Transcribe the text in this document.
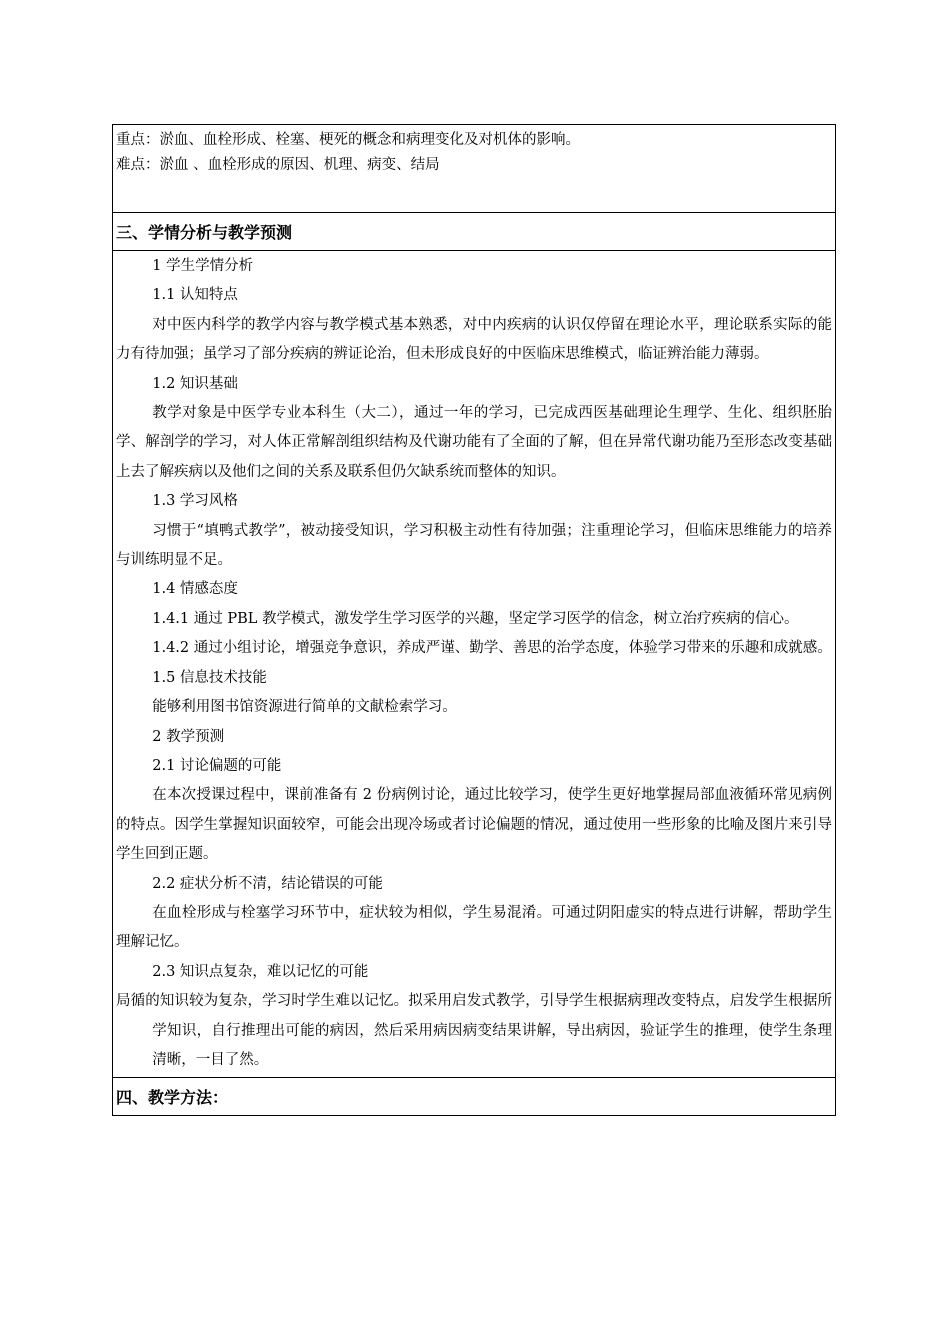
重点：淤血、血栓形成、栓塞、梗死的概念和病理变化及对机体的影响。

难点：淤血 、血栓形成的原因、机理、病变、结局

三、学情分析与教学预测

1 学生学情分析

1.1 认知特点

对中医内科学的教学内容与教学模式基本熟悉，对中内疾病的认识仅停留在理论水平，理论联系实际的能力有待加强；虽学习了部分疾病的辨证论治，但未形成良好的中医临床思维模式，临证辨治能力薄弱。

1.2 知识基础

教学对象是中医学专业本科生（大二），通过一年的学习，已完成西医基础理论生理学、生化、组织胚胎学、解剖学的学习，对人体正常解剖组织结构及代谢功能有了全面的了解，但在异常代谢功能乃至形态改变基础上去了解疾病以及他们之间的关系及联系但仍欠缺系统而整体的知识。

1.3 学习风格

习惯于“填鸭式教学”，被动接受知识，学习积极主动性有待加强；注重理论学习，但临床思维能力的培养与训练明显不足。

1.4 情感态度

1.4.1 通过 PBL 教学模式，激发学生学习医学的兴趣，坚定学习医学的信念，树立治疗疾病的信心。

1.4.2 通过小组讨论，增强竞争意识，养成严谨、勤学、善思的治学态度，体验学习带来的乐趣和成就感。

1.5 信息技术技能

能够利用图书馆资源进行简单的文献检索学习。

2 教学预测

2.1 讨论偏题的可能

在本次授课过程中，课前准备有 2 份病例讨论，通过比较学习，使学生更好地掌握局部血液循环常见病例的特点。因学生掌握知识面较窄，可能会出现冷场或者讨论偏题的情况，通过使用一些形象的比喻及图片来引导学生回到正题。

2.2 症状分析不清，结论错误的可能

在血栓形成与栓塞学习环节中，症状较为相似，学生易混淆。可通过阴阳虚实的特点进行讲解，帮助学生理解记忆。

2.3 知识点复杂，难以记忆的可能

局循的知识较为复杂，学习时学生难以记忆。拟采用启发式教学，引导学生根据病理改变特点，启发学生根据所学知识，自行推理出可能的病因，然后采用病因病变结果讲解，导出病因，验证学生的推理，使学生条理清晰，一目了然。

四、教学方法：
